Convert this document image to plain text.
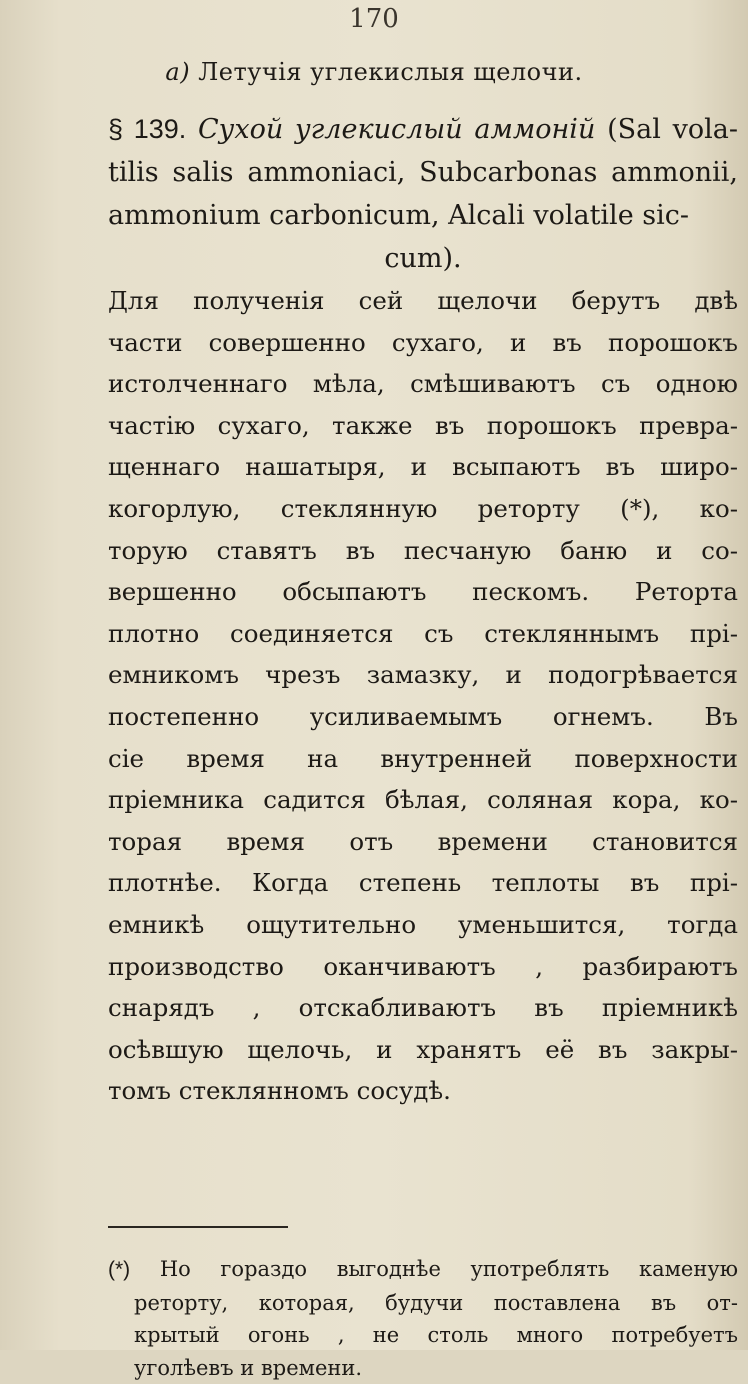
170
а) Летучія углекислыя щелочи.
§ 139. Сухой углекислый аммоній (Sal vola- tilis salis ammoniaci, Subcarbonas ammonii, ammonium carbonicum, Alcali volatile sic-
cum).
Для полученія сей щелочи берутъ двѣ
части совершенно сухаго, и въ порошокъ
истолченнаго мѣла, смѣшиваютъ съ одною
частію сухаго, также въ порошокъ превра-
щеннаго нашатыря, и всыпаютъ въ широ-
когорлую, стеклянную реторту (*), ко-
торую ставятъ въ песчаную баню и со-
вершенно обсыпаютъ пескомъ. Реторта
плотно соединяется съ стекляннымъ прі-
емникомъ чрезъ замазку, и подогрѣвается
постепенно усиливаемымъ огнемъ. Въ
сіе время на внутренней поверхности
пріемника садится бѣлая, соляная кора, ко-
торая время отъ времени становится
плотнѣе. Когда степень теплоты въ прі-
емникѣ ощутительно уменьшится, тогда
производство оканчиваютъ , разбираютъ
снарядъ , отскабливаютъ въ пріемникѣ
осѣвшую щелочь, и хранятъ её въ закры-
томъ стеклянномъ сосудѣ.
(*) Но гораздо выгоднѣе употреблять каменую
реторту, которая, будучи поставлена въ от-
крытый огонь , не столь много потребуетъ
уголѣевъ и времени.
